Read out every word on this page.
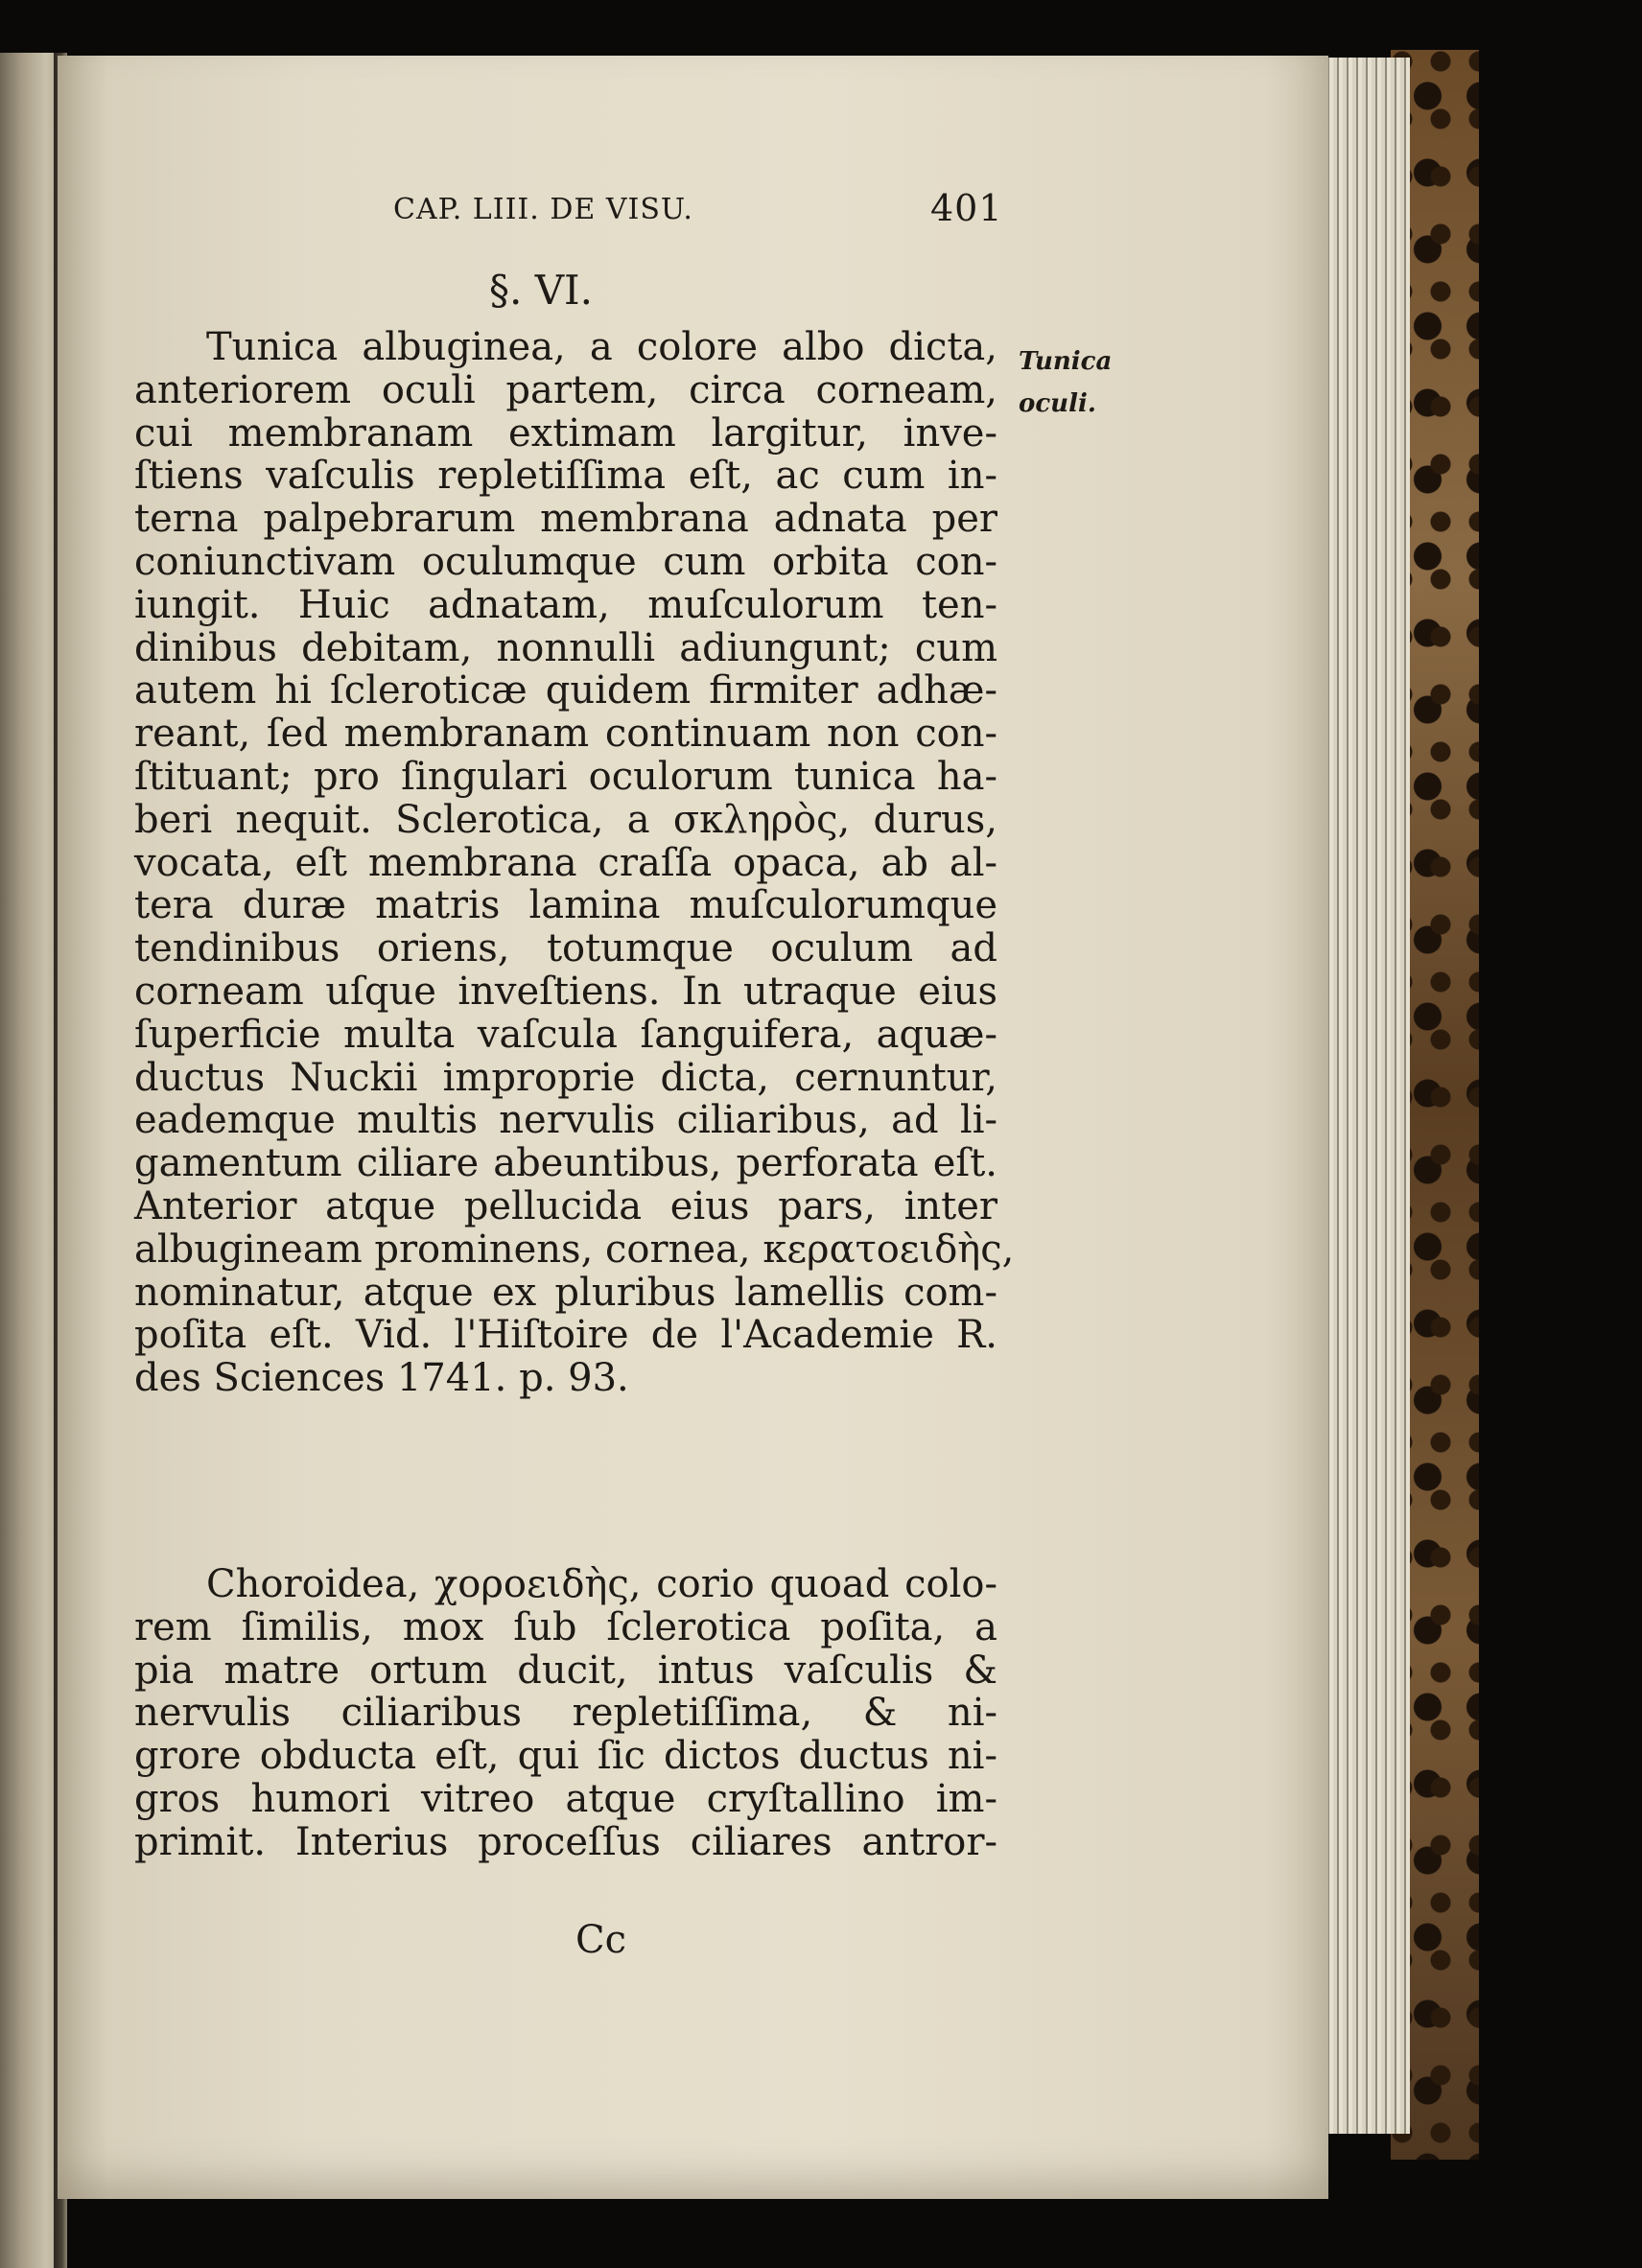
CAP. LIII. DE VISU.	401
§. VI.
Tunica
oculi.
Tunica albuginea, a colore albo dicta,
anteriorem oculi partem, circa corneam,
cui membranam extimam largitur, inve-
ſtiens vaſculis repletiſſima eſt, ac cum in-
terna palpebrarum membrana adnata per
coniunctivam oculumque cum orbita con-
iungit. Huic adnatam, muſculorum ten-
dinibus debitam, nonnulli adiungunt; cum
autem hi ſcleroticæ quidem firmiter adhæ-
reant, ſed membranam continuam non con-
ſtituant; pro ſingulari oculorum tunica ha-
beri nequit. Sclerotica, a σκληρὸς, durus,
vocata, eſt membrana craſſa opaca, ab al-
tera duræ matris lamina muſculorumque
tendinibus oriens, totumque oculum ad
corneam uſque inveſtiens. In utraque eius
ſuperficie multa vaſcula ſanguifera, aquæ-
ductus Nuckii improprie dicta, cernuntur,
eademque multis nervulis ciliaribus, ad li-
gamentum ciliare abeuntibus, perforata eſt.
Anterior atque pellucida eius pars, inter
albugineam prominens, cornea, κερατοειδὴς,
nominatur, atque ex pluribus lamellis com-
poſita eſt. Vid. l'Hiſtoire de l'Academie R.
des Sciences 1741. p. 93.
Choroidea, χοροειδὴς, corio quoad colo-
rem ſimilis, mox ſub ſclerotica poſita, a
pia matre ortum ducit, intus vaſculis &
nervulis ciliaribus repletiſſima, & ni-
grore obducta eſt, qui ſic dictos ductus ni-
gros humori vitreo atque cryſtallino im-
primit. Interius proceſſus ciliares antror-
Cc
